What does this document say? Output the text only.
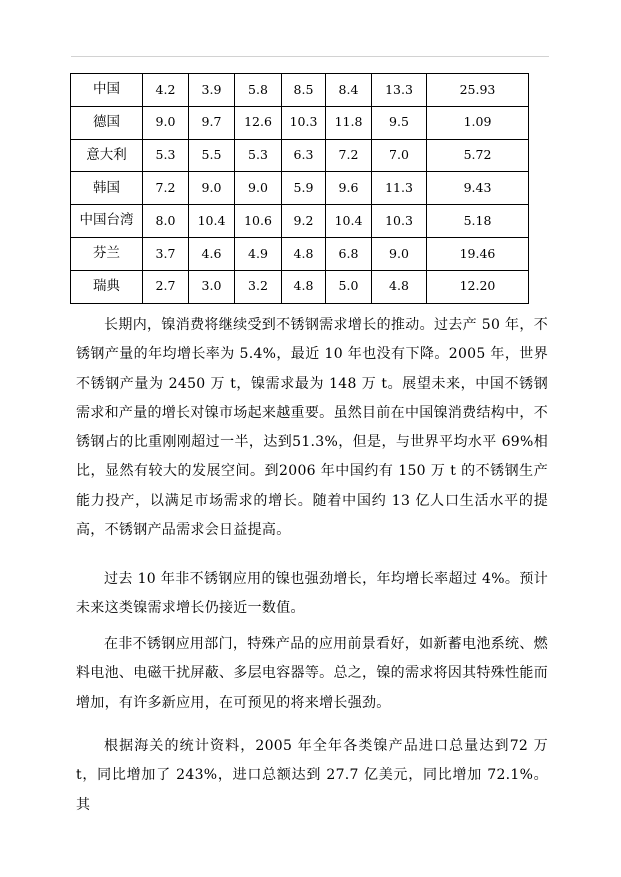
中国	4.2	3.9	5.8	8.5	8.4	13.3	25.93
德国	9.0	9.7	12.6	10.3	11.8	9.5	1.09
意大利	5.3	5.5	5.3	6.3	7.2	7.0	5.72
韩国	7.2	9.0	9.0	5.9	9.6	11.3	9.43
中国台湾	8.0	10.4	10.6	9.2	10.4	10.3	5.18
芬兰	3.7	4.6	4.9	4.8	6.8	9.0	19.46
瑞典	2.7	3.0	3.2	4.8	5.0	4.8	12.20

长期内，镍消费将继续受到不锈钢需求增长的推动。过去产 50 年，不锈钢产量的年均增长率为 5.4%，最近 10 年也没有下降。2005 年，世界不锈钢产量为 2450 万 t，镍需求最为 148 万 t。展望未来，中国不锈钢需求和产量的增长对镍市场起来越重要。虽然目前在中国镍消费结构中，不锈钢占的比重刚刚超过一半，达到51.3%，但是，与世界平均水平 69%相比，显然有较大的发展空间。到2006 年中国约有 150 万 t 的不锈钢生产能力投产，以满足市场需求的增长。随着中国约 13 亿人口生活水平的提高，不锈钢产品需求会日益提高。

过去 10 年非不锈钢应用的镍也强劲增长，年均增长率超过 4%。预计未来这类镍需求增长仍接近一数值。

在非不锈钢应用部门，特殊产品的应用前景看好，如新蓄电池系统、燃料电池、电磁干扰屏蔽、多层电容器等。总之，镍的需求将因其特殊性能而增加，有许多新应用，在可预见的将来增长强劲。

根据海关的统计资料，2005 年全年各类镍产品进口总量达到72 万 t，同比增加了 243%，进口总额达到 27.7 亿美元，同比增加 72.1%。其
